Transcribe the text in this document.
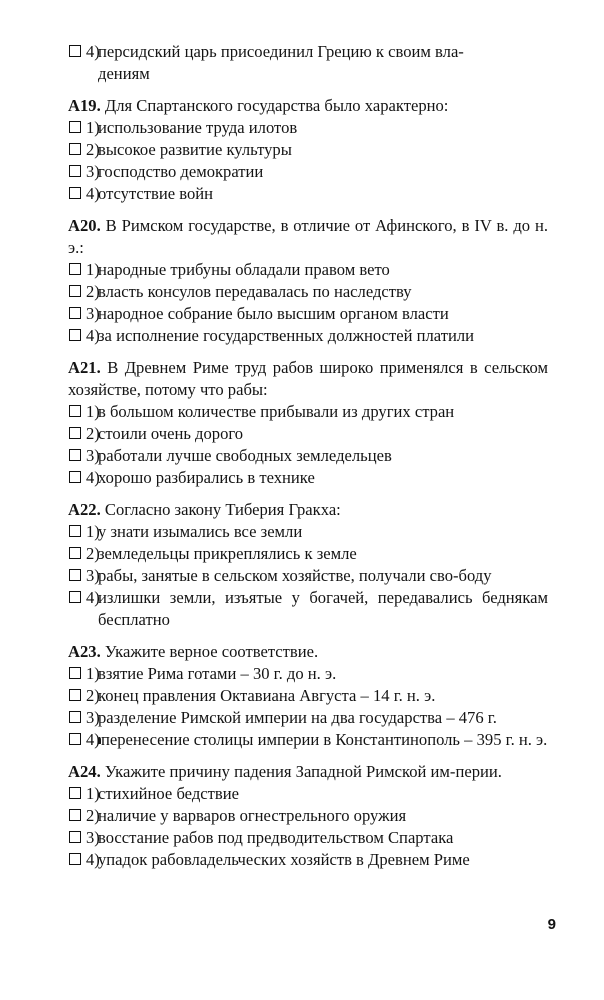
4)
персидский царь присоединил Грецию к своим вла-
дениям

A19. Для Спартанского государства было характерно:

1)
использование труда илотов
2)
высокое развитие культуры
3)
господство демократии
4)
отсутствие войн

A20. В Римском государстве, в отличие от Афинского, в IV в. до н. э.:

1)
народные трибуны обладали правом вето
2)
власть консулов передавалась по наследству
3)
народное собрание было высшим органом власти
4)
за исполнение государственных должностей платили

A21. В Древнем Риме труд рабов широко применялся в сельском хозяйстве, потому что рабы:

1)
в большом количестве прибывали из других стран
2)
стоили очень дорого
3)
работали лучше свободных земледельцев
4)
хорошо разбирались в технике

A22. Согласно закону Тиберия Гракха:

1)
у знати изымались все земли
2)
земледельцы прикреплялись к земле
3)
рабы, занятые в сельском хозяйстве, получали сво-боду
4)
излишки земли, изъятые у богачей, передавались беднякам бесплатно

A23. Укажите верное соответствие.

1)
взятие Рима готами – 30 г. до н. э.
2)
конец правления Октавиана Августа – 14 г. н. э.
3)
разделение Римской империи на два государства – 476 г.
4) перенесение столицы империи в Константинополь – 395 г. н. э.

A24. Укажите причину падения Западной Римской им-перии.

1)
стихийное бедствие
2)
наличие у варваров огнестрельного оружия
3)
восстание рабов под предводительством Спартака
4)
упадок рабовладельческих хозяйств в Древнем Риме
9
